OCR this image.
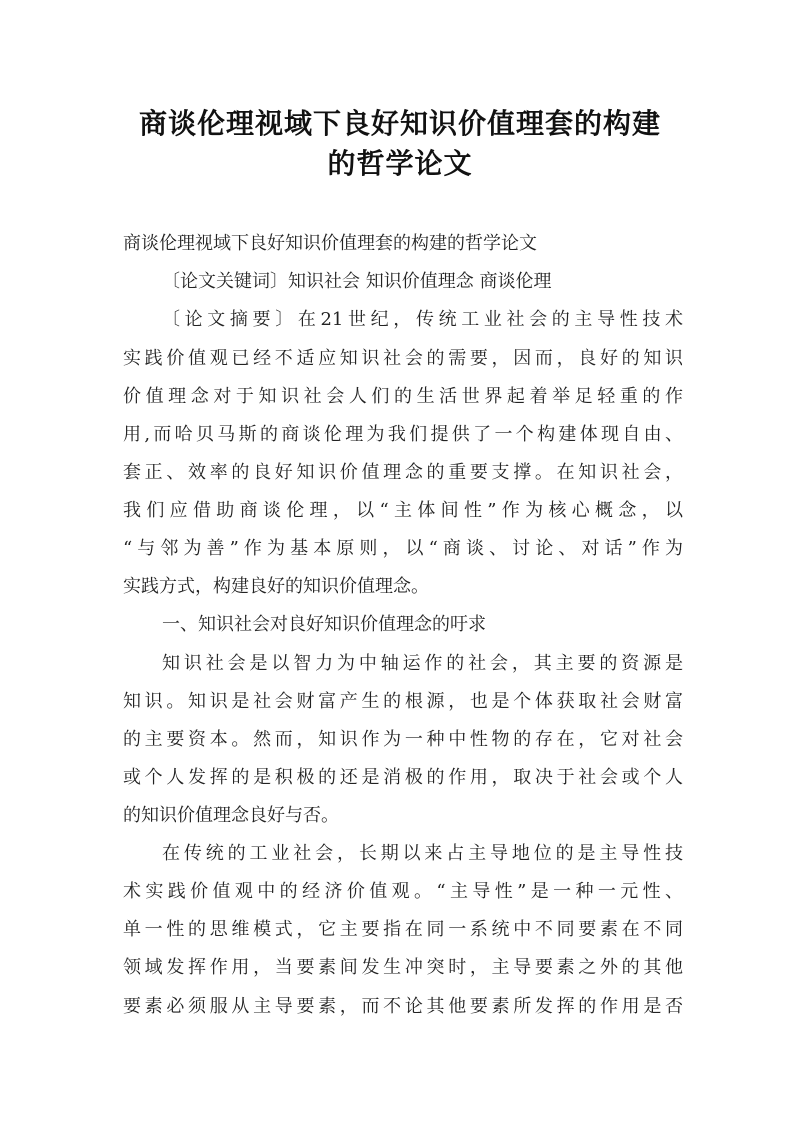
商谈伦理视域下良好知识价值理套的构建
的哲学论文

商谈伦理视域下良好知识价值理套的构建的哲学论文

〔论文关键词〕知识社会 知识价值理念 商谈伦理

〔论文摘要〕在21世纪，传统工业社会的主导性技术

实践价值观已经不适应知识社会的需要，因而，良好的知识

价值理念对于知识社会人们的生活世界起着举足轻重的作

用,而哈贝马斯的商谈伦理为我们提供了一个构建体现自由、

套正、效率的良好知识价值理念的重要支撑。在知识社会，

我们应借助商谈伦理，以“主体间性”作为核心概念，以

“与邻为善”作为基本原则，以“商谈、讨论、对话”作为

实践方式，构建良好的知识价值理念。

一、知识社会对良好知识价值理念的吁求

知识社会是以智力为中轴运作的社会，其主要的资源是

知识。知识是社会财富产生的根源，也是个体获取社会财富

的主要资本。然而，知识作为一种中性物的存在，它对社会

或个人发挥的是积极的还是消极的作用，取决于社会或个人

的知识价值理念良好与否。

在传统的工业社会，长期以来占主导地位的是主导性技

术实践价值观中的经济价值观。“主导性”是一种一元性、

单一性的思维模式，它主要指在同一系统中不同要素在不同

领域发挥作用，当要素间发生冲突时，主导要素之外的其他

要素必须服从主导要素，而不论其他要素所发挥的作用是否
